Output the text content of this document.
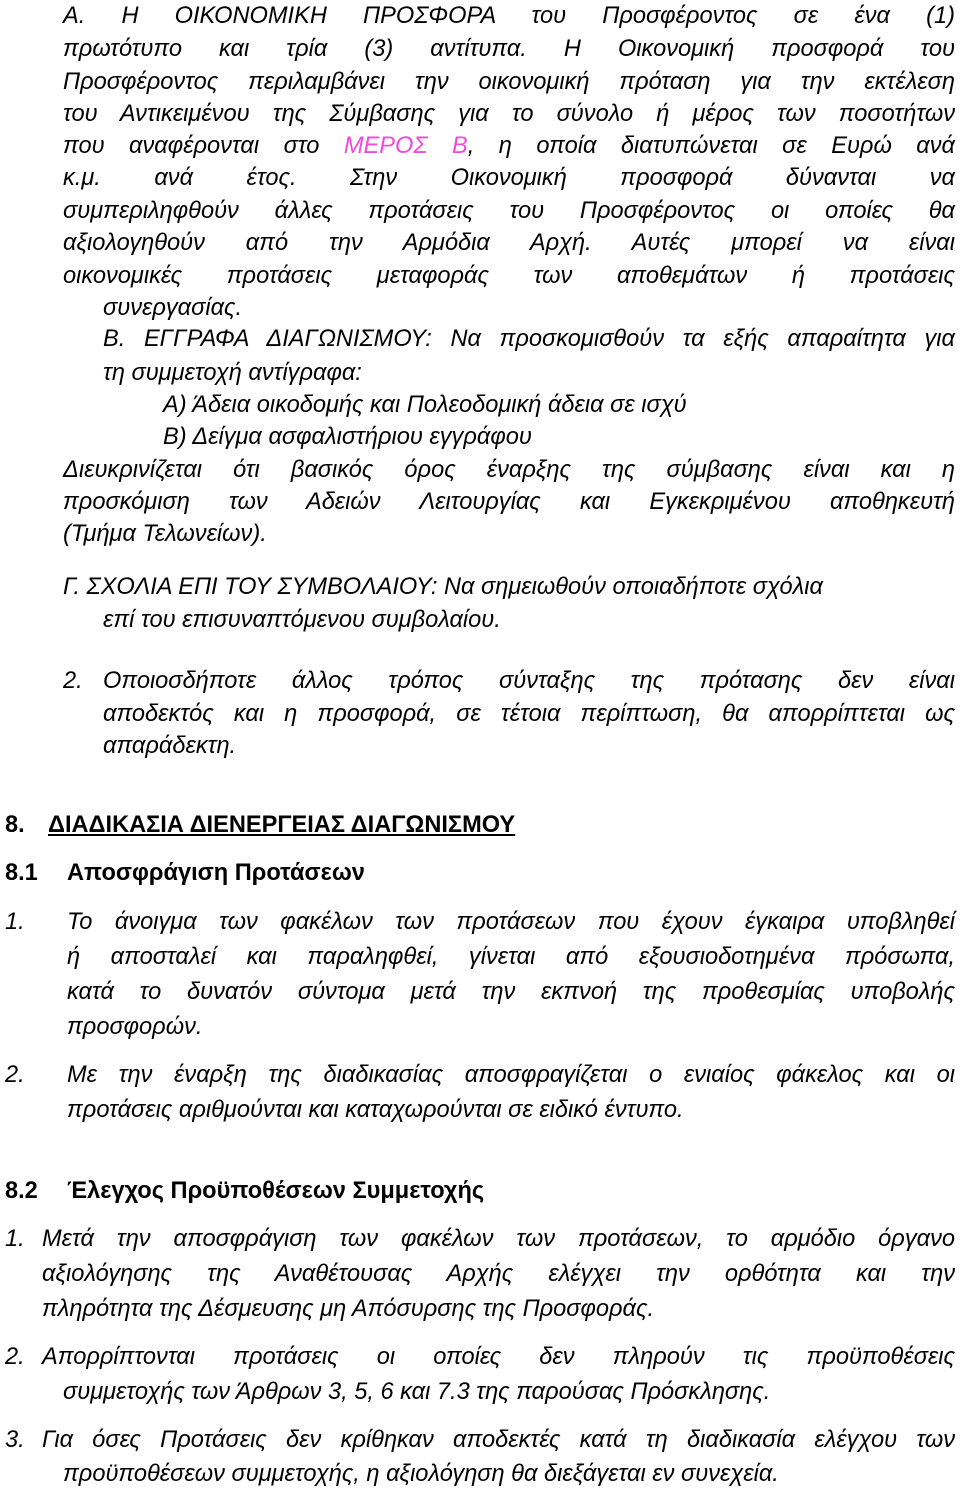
Α. Η ΟΙΚΟΝΟΜΙΚΗ ΠΡΟΣΦΟΡΑ του Προσφέροντος σε ένα (1)
πρωτότυπο και τρία (3) αντίτυπα. Η Οικονομική προσφορά του
Προσφέροντος περιλαμβάνει την οικονομική πρόταση για την εκτέλεση
του Αντικειμένου της Σύμβασης για το σύνολο ή μέρος των ποσοτήτων
που αναφέρονται στο ΜΕΡΟΣ Β, η οποία διατυπώνεται σε Ευρώ ανά
κ.μ. ανά έτος. Στην Οικονομική προσφορά δύνανται να
συμπεριληφθούν άλλες προτάσεις του Προσφέροντος οι οποίες θα
αξιολογηθούν από την Αρμόδια Αρχή. Αυτές μπορεί να είναι
οικονομικές προτάσεις μεταφοράς των αποθεμάτων ή προτάσεις
συνεργασίας.
Β. ΕΓΓΡΑΦΑ ΔΙΑΓΩΝΙΣΜΟΥ: Να προσκομισθούν τα εξής απαραίτητα για
τη συμμετοχή αντίγραφα:
Α) Άδεια οικοδομής και Πολεοδομική άδεια σε ισχύ
Β) Δείγμα ασφαλιστήριου εγγράφου
Διευκρινίζεται ότι βασικός όρος έναρξης της σύμβασης είναι και η
προσκόμιση των Αδειών Λειτουργίας και Εγκεκριμένου αποθηκευτή
(Τμήμα Τελωνείων).
Γ. ΣΧΟΛΙΑ ΕΠΙ ΤΟΥ ΣΥΜΒΟΛΑΙΟΥ: Να σημειωθούν οποιαδήποτε σχόλια
επί του επισυναπτόμενου συμβολαίου.
2. Οποιοσδήποτε άλλος τρόπος σύνταξης της πρότασης δεν είναι
αποδεκτός και η προσφορά, σε τέτοια περίπτωση, θα απορρίπτεται ως
απαράδεκτη.
8. ΔΙΑΔΙΚΑΣΙΑ ΔΙΕΝΕΡΓΕΙΑΣ ΔΙΑΓΩΝΙΣΜΟΥ
8.1 Αποσφράγιση Προτάσεων
1. Το άνοιγμα των φακέλων των προτάσεων που έχουν έγκαιρα υποβληθεί
ή αποσταλεί και παραληφθεί, γίνεται από εξουσιοδοτημένα πρόσωπα,
κατά το δυνατόν σύντομα μετά την εκπνοή της προθεσμίας υποβολής
προσφορών.
2. Με την έναρξη της διαδικασίας αποσφραγίζεται ο ενιαίος φάκελος και οι
προτάσεις αριθμούνται και καταχωρούνται σε ειδικό έντυπο.
8.2 Έλεγχος Προϋποθέσεων Συμμετοχής
1. Μετά την αποσφράγιση των φακέλων των προτάσεων, το αρμόδιο όργανο
αξιολόγησης της Αναθέτουσας Αρχής ελέγχει την ορθότητα και την
πληρότητα της Δέσμευσης μη Απόσυρσης της Προσφοράς.
2. Απορρίπτονται προτάσεις οι οποίες δεν πληρούν τις προϋποθέσεις
συμμετοχής των Άρθρων 3, 5, 6 και 7.3 της παρούσας Πρόσκλησης.
3. Για όσες Προτάσεις δεν κρίθηκαν αποδεκτές κατά τη διαδικασία ελέγχου των
προϋποθέσεων συμμετοχής, η αξιολόγηση θα διεξάγεται εν συνεχεία.
